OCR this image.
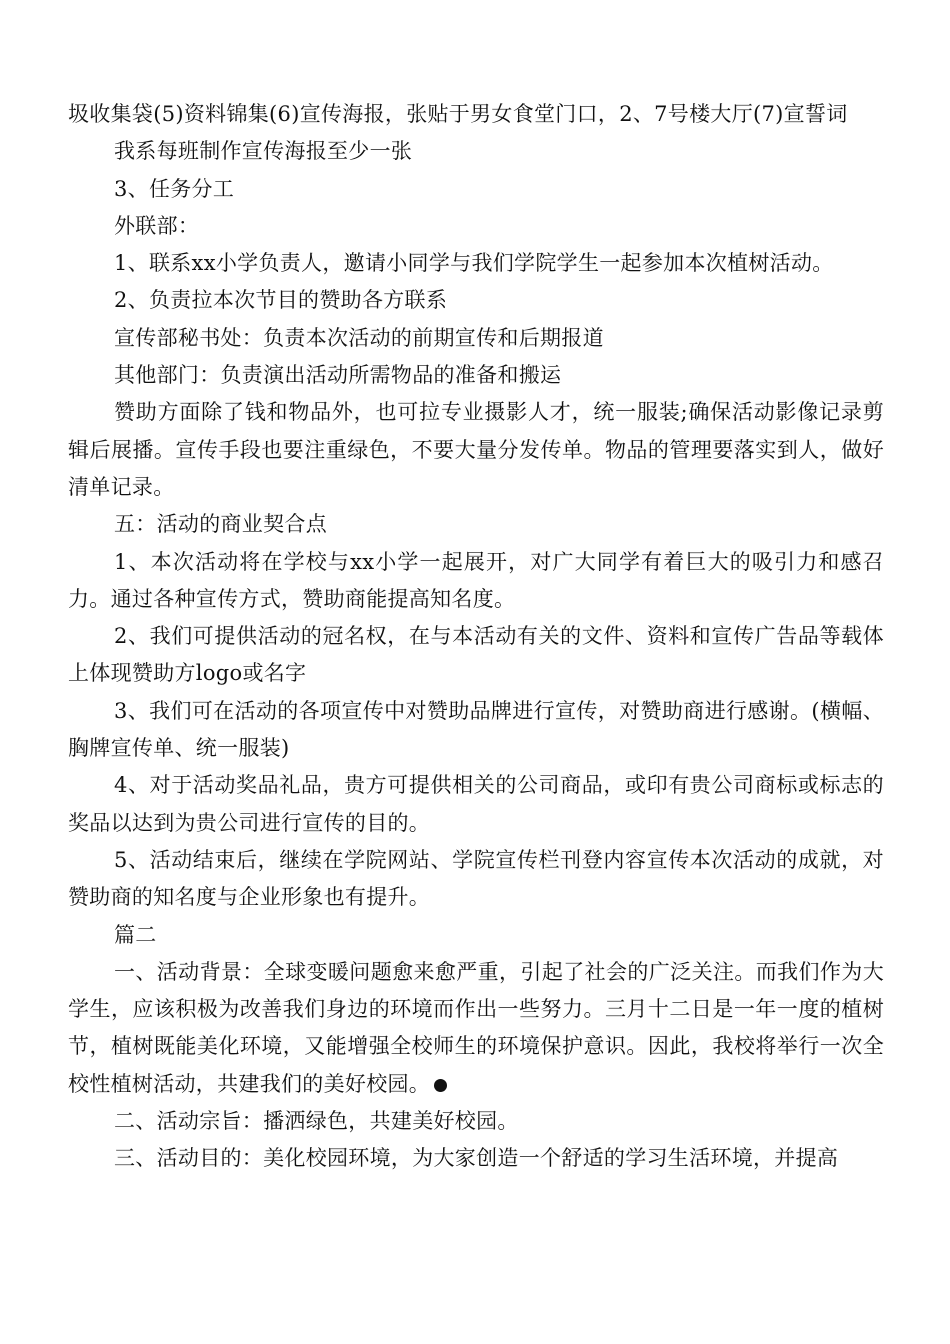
圾收集袋(5)资料锦集(6)宣传海报，张贴于男女食堂门口，2、7号楼大厅(7)宣誓词

我系每班制作宣传海报至少一张

3、任务分工

外联部：

1、联系xx小学负责人，邀请小同学与我们学院学生一起参加本次植树活动。

2、负责拉本次节目的赞助各方联系

宣传部秘书处：负责本次活动的前期宣传和后期报道

其他部门：负责演出活动所需物品的准备和搬运

赞助方面除了钱和物品外，也可拉专业摄影人才，统一服装;确保活动影像记录剪辑后展播。宣传手段也要注重绿色，不要大量分发传单。物品的管理要落实到人，做好清单记录。

五：活动的商业契合点

1、本次活动将在学校与xx小学一起展开，对广大同学有着巨大的吸引力和感召力。通过各种宣传方式，赞助商能提高知名度。

2、我们可提供活动的冠名权，在与本活动有关的文件、资料和宣传广告品等载体上体现赞助方logo或名字

3、我们可在活动的各项宣传中对赞助品牌进行宣传，对赞助商进行感谢。(横幅、胸牌宣传单、统一服装)

4、对于活动奖品礼品，贵方可提供相关的公司商品，或印有贵公司商标或标志的奖品以达到为贵公司进行宣传的目的。

5、活动结束后，继续在学院网站、学院宣传栏刊登内容宣传本次活动的成就，对赞助商的知名度与企业形象也有提升。

篇二

一、活动背景：全球变暖问题愈来愈严重，引起了社会的广泛关注。而我们作为大学生，应该积极为改善我们身边的环境而作出一些努力。三月十二日是一年一度的植树节，植树既能美化环境，又能增强全校师生的环境保护意识。因此，我校将举行一次全校性植树活动，共建我们的美好校园。

二、活动宗旨：播洒绿色，共建美好校园。

三、活动目的：美化校园环境，为大家创造一个舒适的学习生活环境，并提高
